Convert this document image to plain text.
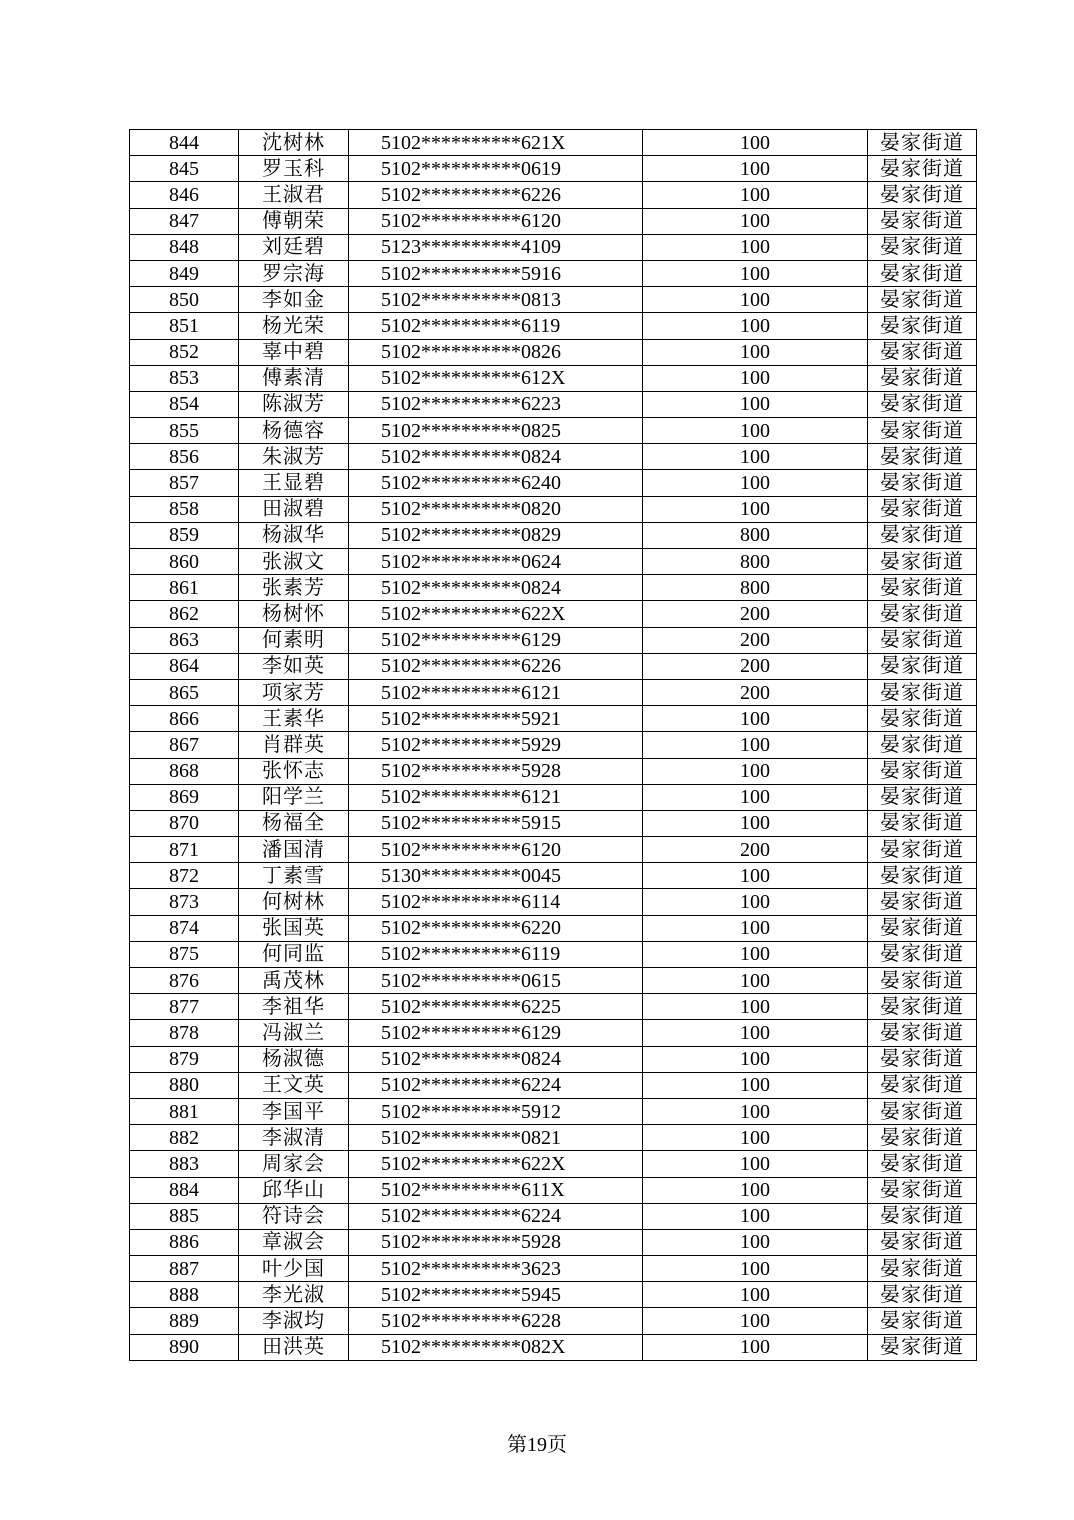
844	沈树林	5102**********621X	100	晏家街道
845	罗玉科	5102**********0619	100	晏家街道
846	王淑君	5102**********6226	100	晏家街道
847	傅朝荣	5102**********6120	100	晏家街道
848	刘廷碧	5123**********4109	100	晏家街道
849	罗宗海	5102**********5916	100	晏家街道
850	李如金	5102**********0813	100	晏家街道
851	杨光荣	5102**********6119	100	晏家街道
852	辜中碧	5102**********0826	100	晏家街道
853	傅素清	5102**********612X	100	晏家街道
854	陈淑芳	5102**********6223	100	晏家街道
855	杨德容	5102**********0825	100	晏家街道
856	朱淑芳	5102**********0824	100	晏家街道
857	王显碧	5102**********6240	100	晏家街道
858	田淑碧	5102**********0820	100	晏家街道
859	杨淑华	5102**********0829	800	晏家街道
860	张淑文	5102**********0624	800	晏家街道
861	张素芳	5102**********0824	800	晏家街道
862	杨树怀	5102**********622X	200	晏家街道
863	何素明	5102**********6129	200	晏家街道
864	李如英	5102**********6226	200	晏家街道
865	项家芳	5102**********6121	200	晏家街道
866	王素华	5102**********5921	100	晏家街道
867	肖群英	5102**********5929	100	晏家街道
868	张怀志	5102**********5928	100	晏家街道
869	阳学兰	5102**********6121	100	晏家街道
870	杨福全	5102**********5915	100	晏家街道
871	潘国清	5102**********6120	200	晏家街道
872	丁素雪	5130**********0045	100	晏家街道
873	何树林	5102**********6114	100	晏家街道
874	张国英	5102**********6220	100	晏家街道
875	何同监	5102**********6119	100	晏家街道
876	禹茂林	5102**********0615	100	晏家街道
877	李祖华	5102**********6225	100	晏家街道
878	冯淑兰	5102**********6129	100	晏家街道
879	杨淑德	5102**********0824	100	晏家街道
880	王文英	5102**********6224	100	晏家街道
881	李国平	5102**********5912	100	晏家街道
882	李淑清	5102**********0821	100	晏家街道
883	周家会	5102**********622X	100	晏家街道
884	邱华山	5102**********611X	100	晏家街道
885	符诗会	5102**********6224	100	晏家街道
886	章淑会	5102**********5928	100	晏家街道
887	叶少国	5102**********3623	100	晏家街道
888	李光淑	5102**********5945	100	晏家街道
889	李淑均	5102**********6228	100	晏家街道
890	田洪英	5102**********082X	100	晏家街道
第19页
